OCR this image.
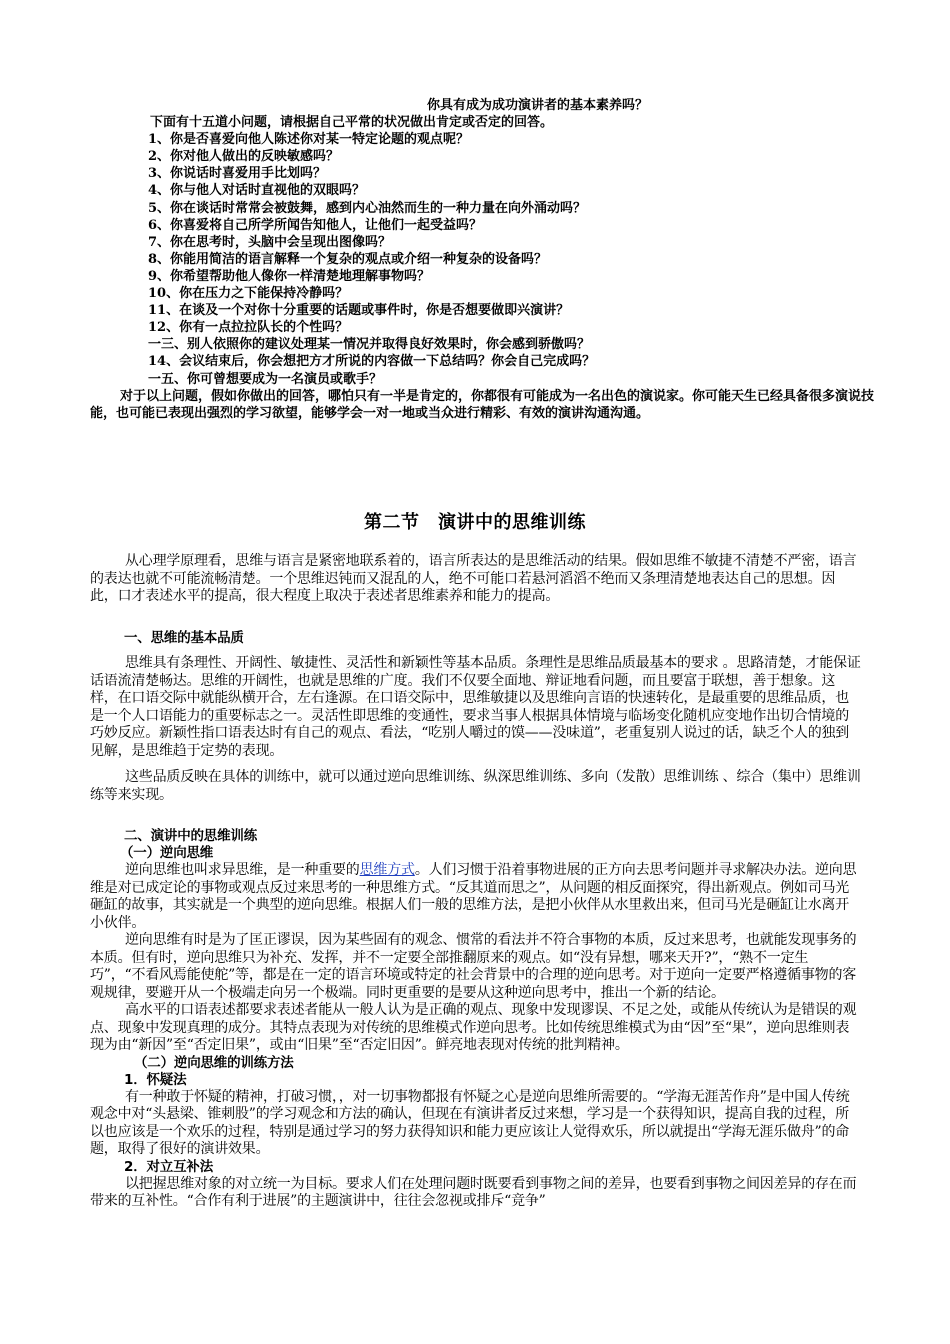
你具有成为成功演讲者的基本素养吗？
下面有十五道小问题，请根据自己平常的状况做出肯定或否定的回答。
1、你是否喜爱向他人陈述你对某一特定论题的观点呢？
2、你对他人做出的反映敏感吗？
3、你说话时喜爱用手比划吗？
4、你与他人对话时直视他的双眼吗？
5、你在谈话时常常会被鼓舞，感到内心油然而生的一种力量在向外涌动吗？
6、你喜爱将自己所学所闻告知他人，让他们一起受益吗？
7、你在思考时，头脑中会呈现出图像吗？
8、你能用简洁的语言解释一个复杂的观点或介绍一种复杂的设备吗？
9、你希望帮助他人像你一样清楚地理解事物吗？
10、你在压力之下能保持冷静吗？
11、在谈及一个对你十分重要的话题或事件时，你是否想要做即兴演讲？
12、你有一点拉拉队长的个性吗？
一三、别人依照你的建议处理某一情况并取得良好效果时，你会感到骄傲吗？
14、会议结束后，你会想把方才所说的内容做一下总结吗？你会自己完成吗？
一五、你可曾想要成为一名演员或歌手？
对于以上问题，假如你做出的回答，哪怕只有一半是肯定的，你都很有可能成为一名出色的演说家。你可能天生已经具备很多演说技能，也可能已表现出强烈的学习欲望，能够学会一对一地或当众进行精彩、有效的演讲沟通沟通。
第二节　演讲中的思维训练
从心理学原理看，思维与语言是紧密地联系着的，语言所表达的是思维活动的结果。假如思维不敏捷不清楚不严密，语言的表达也就不可能流畅清楚。一个思维迟钝而又混乱的人，绝不可能口若悬河滔滔不绝而又条理清楚地表达自己的思想。因此，口才表述水平的提高，很大程度上取决于表述者思维素养和能力的提高。
一、思维的基本品质
思维具有条理性、开阔性、敏捷性、灵活性和新颖性等基本品质。条理性是思维品质最基本的要求 。思路清楚，才能保证话语流清楚畅达。思维的开阔性，也就是思维的广度。我们不仅要全面地、辩证地看问题，而且要富于联想，善于想象。这样，在口语交际中就能纵横开合，左右逢源。在口语交际中，思维敏捷以及思维向言语的快速转化，是最重要的思维品质，也是一个人口语能力的重要标志之一。灵活性即思维的变通性，要求当事人根据具体情境与临场变化随机应变地作出切合情境的巧妙反应。新颖性指口语表达时有自己的观点、看法，“吃别人嚼过的馍——没味道”，老重复别人说过的话，缺乏个人的独到见解，是思维趋于定势的表现。
这些品质反映在具体的训练中，就可以通过逆向思维训练、纵深思维训练、多向（发散）思维训练 、综合（集中）思维训练等来实现。
二、演讲中的思维训练
（一）逆向思维
逆向思维也叫求异思维，是一种重要的思维方式。人们习惯于沿着事物进展的正方向去思考问题并寻求解决办法。逆向思维是对已成定论的事物或观点反过来思考的一种思维方式。“反其道而思之”，从问题的相反面探究，得出新观点。例如司马光砸缸的故事，其实就是一个典型的逆向思维。根据人们一般的思维方法，是把小伙伴从水里救出来，但司马光是砸缸让水离开小伙伴。
逆向思维有时是为了匡正谬误，因为某些固有的观念、惯常的看法并不符合事物的本质，反过来思考，也就能发现事务的本质。但有时，逆向思维只为补充、发挥，并不一定要全部推翻原来的观点。如“没有异想，哪来天开?”，“熟不一定生巧”，“不看风焉能使舵”等，都是在一定的语言环境或特定的社会背景中的合理的逆向思考。对于逆向一定要严格遵循事物的客观规律，要避开从一个极端走向另一个极端。同时更重要的是要从这种逆向思考中，推出一个新的结论。
高水平的口语表述都要求表述者能从一般人认为是正确的观点、现象中发现谬误、不足之处，或能从传统认为是错误的观点、现象中发现真理的成分。其特点表现为对传统的思维模式作逆向思考。比如传统思维模式为由“因”至“果”，逆向思维则表现为由“新因”至“否定旧果”，或由“旧果”至“否定旧因”。鲜亮地表现对传统的批判精神。
（二）逆向思维的训练方法
1．怀疑法
有一种敢于怀疑的精神，打破习惯，，对一切事物都报有怀疑之心是逆向思维所需要的。“学海无涯苦作舟”是中国人传统观念中对“头悬梁、锥刺股”的学习观念和方法的确认，但现在有演讲者反过来想，学习是一个获得知识，提高自我的过程，所以也应该是一个欢乐的过程，特别是通过学习的努力获得知识和能力更应该让人觉得欢乐，所以就提出“学海无涯乐做舟”的命题，取得了很好的演讲效果。
2．对立互补法
以把握思维对象的对立统一为目标。要求人们在处理问题时既要看到事物之间的差异，也要看到事物之间因差异的存在而带来的互补性。“合作有利于进展”的主题演讲中，往往会忽视或排斥“竞争”
